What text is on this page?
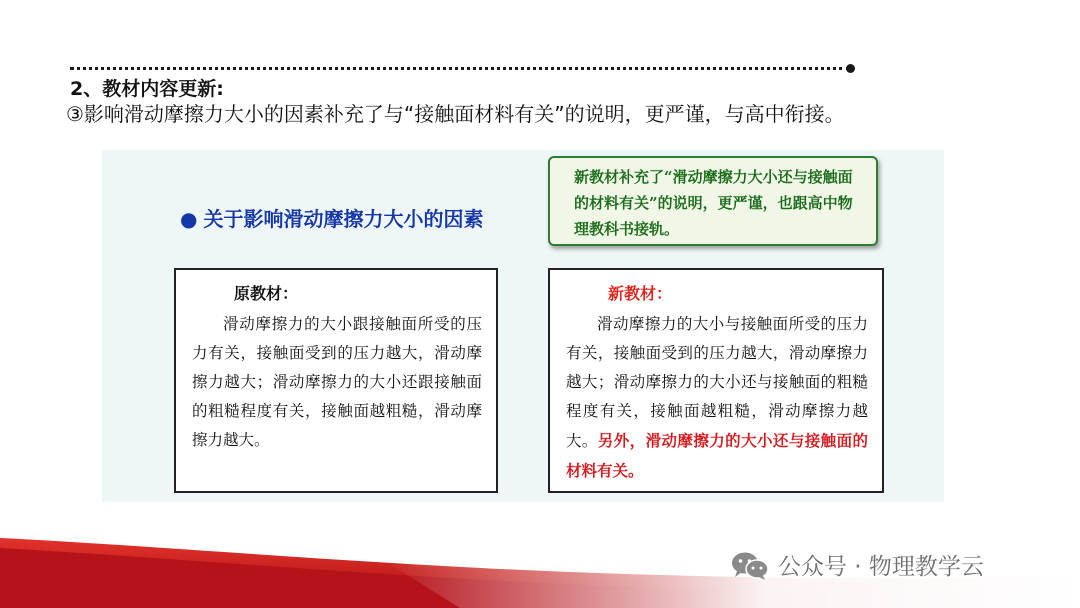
2、教材内容更新:
③影响滑动摩擦力大小的因素补充了与“接触面材料有关”的说明，更严谨，与高中衔接。
● 关于影响滑动摩擦力大小的因素
新教材补充了“滑动摩擦力大小还与接触面的材料有关”的说明，更严谨，也跟高中物理教科书接轨。
原教材：
滑动摩擦力的大小跟接触面所受的压力有关，接触面受到的压力越大，滑动摩擦力越大；滑动摩擦力的大小还跟接触面的粗糙程度有关，接触面越粗糙，滑动摩擦力越大。
新教材：
滑动摩擦力的大小与接触面所受的压力有关，接触面受到的压力越大，滑动摩擦力越大；滑动摩擦力的大小还与接触面的粗糙程度有关，接触面越粗糙，滑动摩擦力越大。另外，滑动摩擦力的大小还与接触面的材料有关。
公众号 · 物理教学云
